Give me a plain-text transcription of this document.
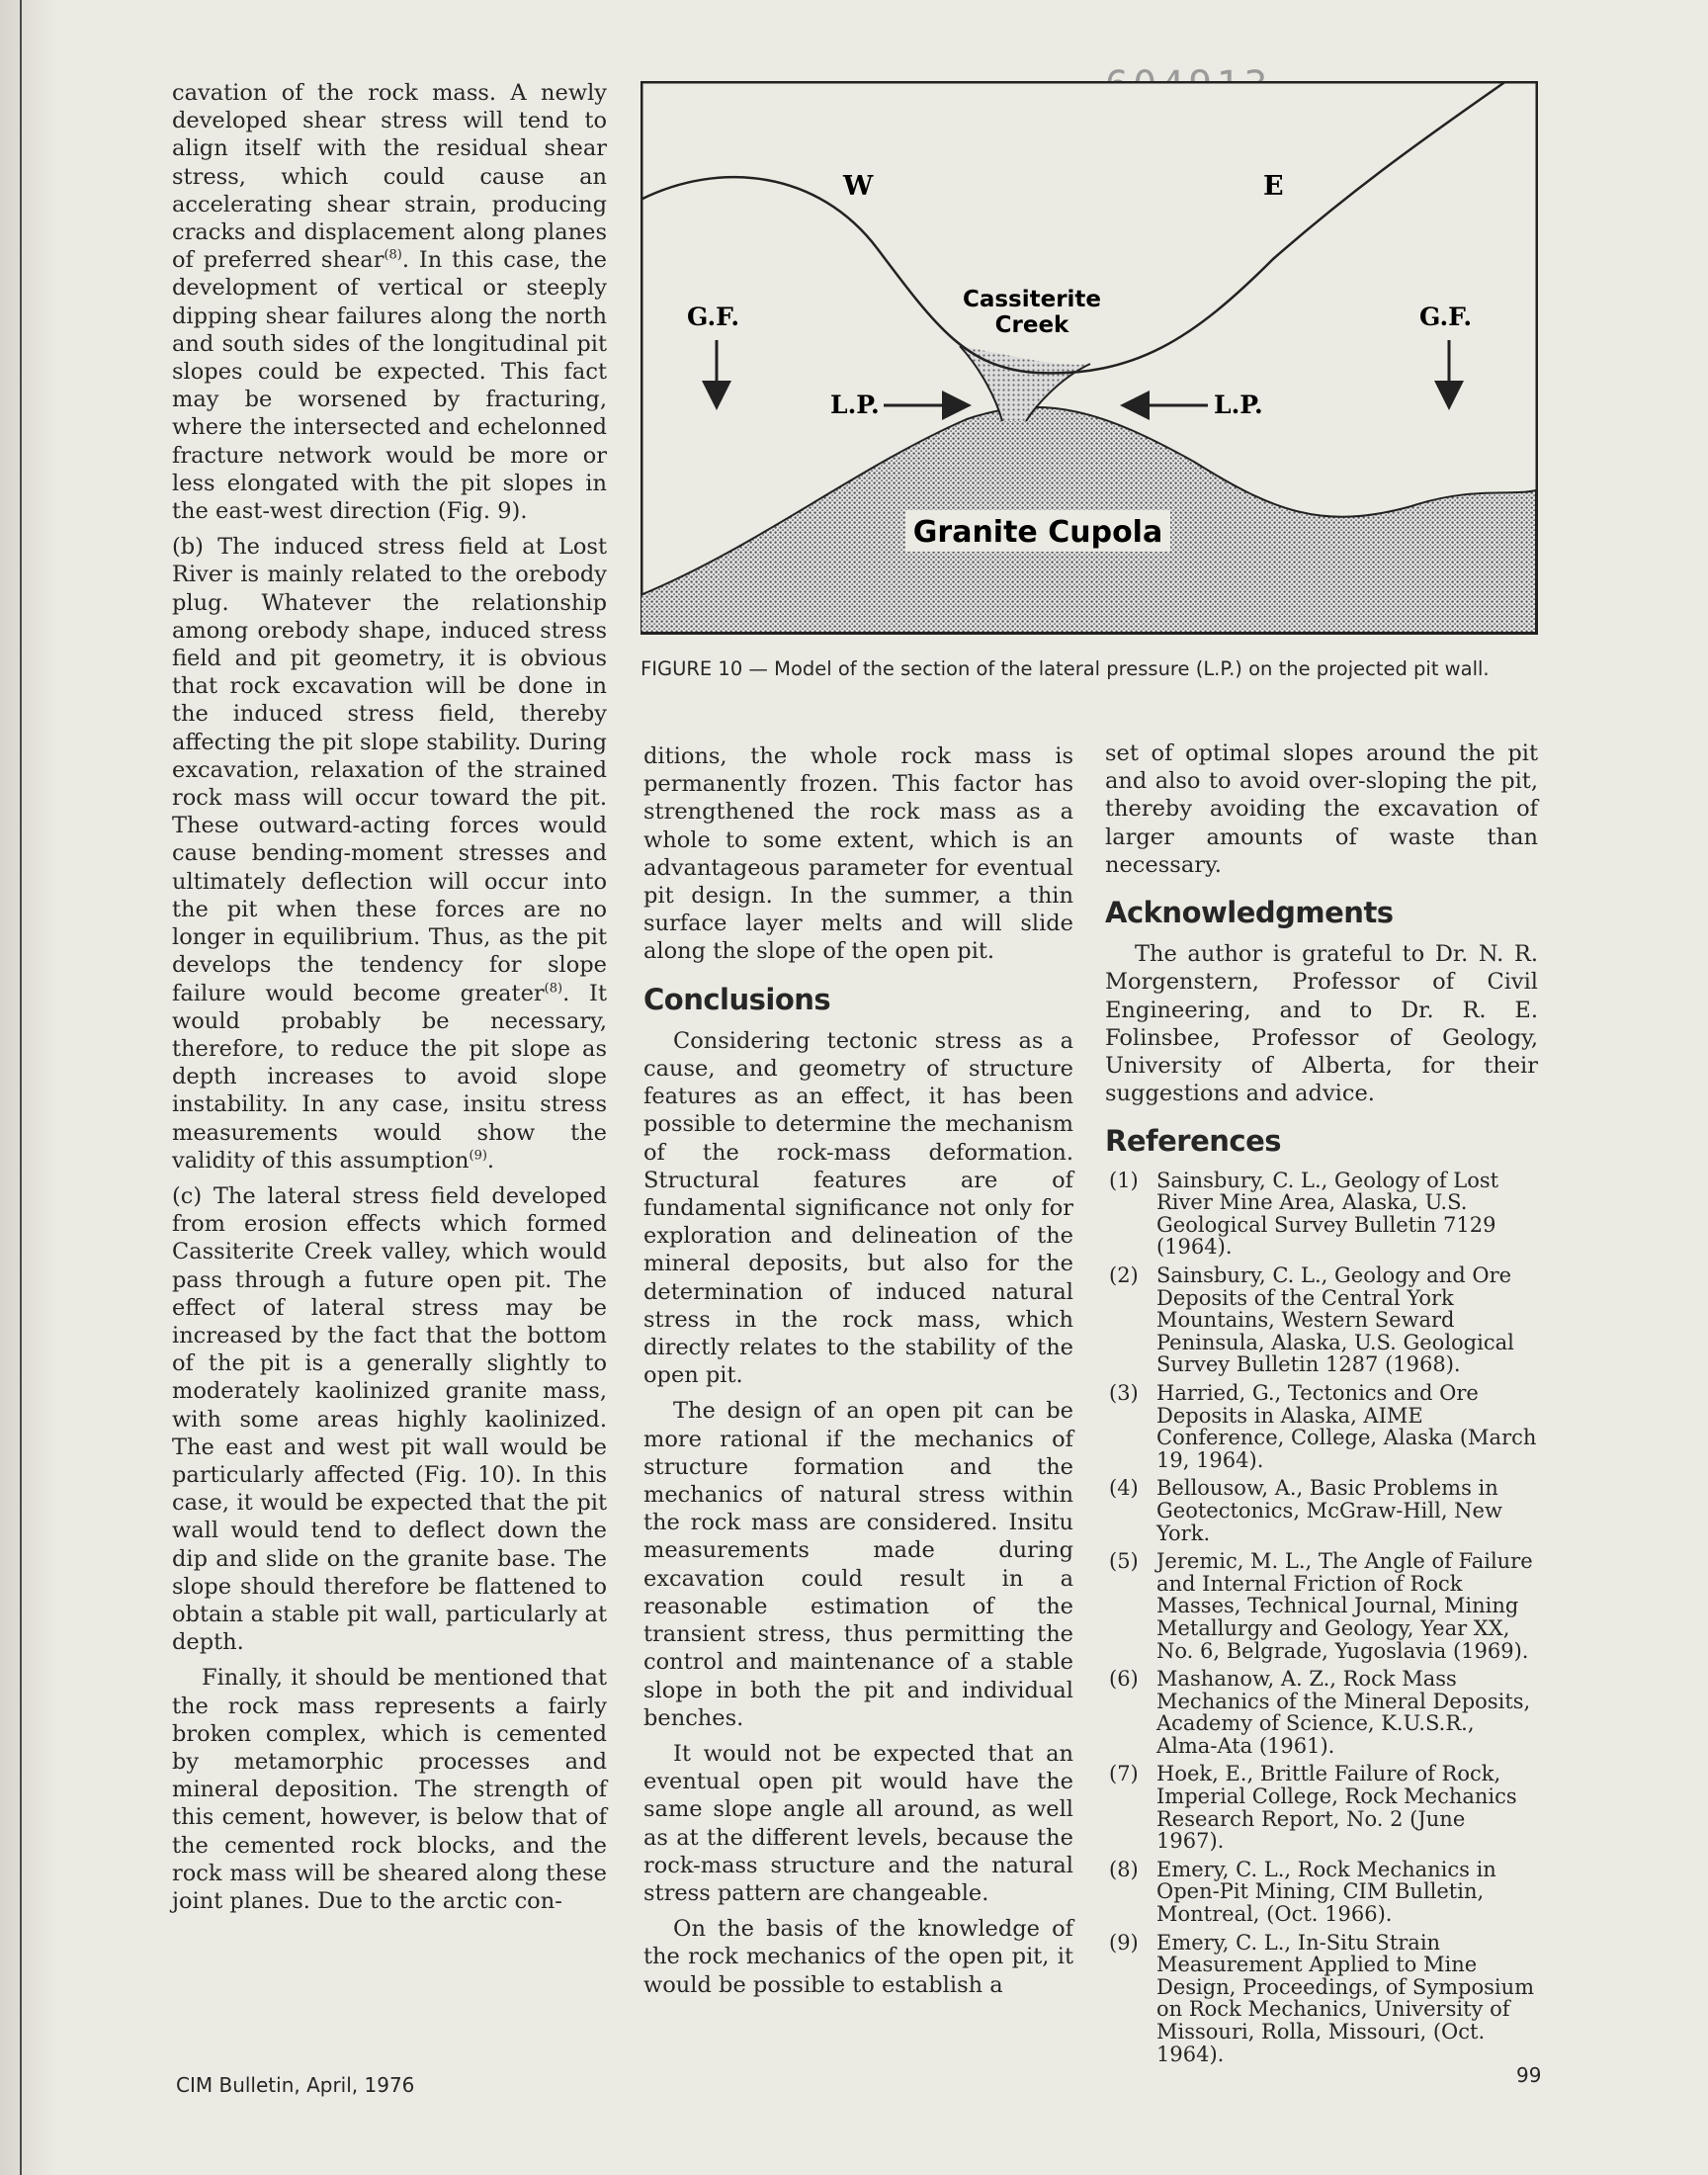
cavation of the rock mass. A newly developed shear stress will tend to align itself with the residual shear stress, which could cause an accelerating shear strain, producing cracks and displacement along planes of preferred shear$^{(8)}$. In this case, the development of vertical or steeply dipping shear failures along the north and south sides of the longitudinal pit slopes could be expected. This fact may be worsened by fracturing, where the intersected and echelonned fracture network would be more or less elongated with the pit slopes in the east-west direction (Fig. 9).

(b) The induced stress field at Lost River is mainly related to the orebody plug. Whatever the relationship among orebody shape, induced stress field and pit geometry, it is obvious that rock excavation will be done in the induced stress field, thereby affecting the pit slope stability. During excavation, relaxation of the strained rock mass will occur toward the pit. These outward-acting forces would cause bending-moment stresses and ultimately deflection will occur into the pit when these forces are no longer in equilibrium. Thus, as the pit develops the tendency for slope failure would become greater$^{(8)}$. It would probably be necessary, therefore, to reduce the pit slope as depth increases to avoid slope instability. In any case, insitu stress measurements would show the validity of this assumption$^{(9)}$.

(c) The lateral stress field developed from erosion effects which formed Cassiterite Creek valley, which would pass through a future open pit. The effect of lateral stress may be increased by the fact that the bottom of the pit is a generally slightly to moderately kaolinized granite mass, with some areas highly kaolinized. The east and west pit wall would be particularly affected (Fig. 10). In this case, it would be expected that the pit wall would tend to deflect down the dip and slide on the granite base. The slope should therefore be flattened to obtain a stable pit wall, particularly at depth.

Finally, it should be mentioned that the rock mass represents a fairly broken complex, which is cemented by metamorphic processes and mineral deposition. The strength of this cement, however, is below that of the cemented rock blocks, and the rock mass will be sheared along these joint planes. Due to the arctic con-

W	E
Cassiterite
Creek
G.F.	G.F.
L.P.	L.P.
Granite Cupola
FIGURE 10 — Model of the section of the lateral pressure (L.P.) on the projected pit wall.

ditions, the whole rock mass is permanently frozen. This factor has strengthened the rock mass as a whole to some extent, which is an advantageous parameter for eventual pit design. In the summer, a thin surface layer melts and will slide along the slope of the open pit.

Conclusions

Considering tectonic stress as a cause, and geometry of structure features as an effect, it has been possible to determine the mechanism of the rock-mass deformation. Structural features are of fundamental significance not only for exploration and delineation of the mineral deposits, but also for the determination of induced natural stress in the rock mass, which directly relates to the stability of the open pit.

The design of an open pit can be more rational if the mechanics of structure formation and the mechanics of natural stress within the rock mass are considered. Insitu measurements made during excavation could result in a reasonable estimation of the transient stress, thus permitting the control and maintenance of a stable slope in both the pit and individual benches.

It would not be expected that an eventual open pit would have the same slope angle all around, as well as at the different levels, because the rock-mass structure and the natural stress pattern are changeable.

On the basis of the knowledge of the rock mechanics of the open pit, it would be possible to establish a

set of optimal slopes around the pit and also to avoid over-sloping the pit, thereby avoiding the excavation of larger amounts of waste than necessary.

Acknowledgments

The author is grateful to Dr. N. R. Morgenstern, Professor of Civil Engineering, and to Dr. R. E. Folinsbee, Professor of Geology, University of Alberta, for their suggestions and advice.

References
(1) Sainsbury, C. L., Geology of Lost River Mine Area, Alaska, U.S. Geological Survey Bulletin 7129 (1964).
(2) Sainsbury, C. L., Geology and Ore Deposits of the Central York Mountains, Western Seward Peninsula, Alaska, U.S. Geological Survey Bulletin 1287 (1968).
(3) Harried, G., Tectonics and Ore Deposits in Alaska, AIME Conference, College, Alaska (March 19, 1964).
(4) Bellousow, A., Basic Problems in Geotectonics, McGraw-Hill, New York.
(5) Jeremic, M. L., The Angle of Failure and Internal Friction of Rock Masses, Technical Journal, Mining Metallurgy and Geology, Year XX, No. 6, Belgrade, Yugoslavia (1969).
(6) Mashanow, A. Z., Rock Mass Mechanics of the Mineral Deposits, Academy of Science, K.U.S.R., Alma-Ata (1961).
(7) Hoek, E., Brittle Failure of Rock, Imperial College, Rock Mechanics Research Report, No. 2 (June 1967).
(8) Emery, C. L., Rock Mechanics in Open-Pit Mining, CIM Bulletin, Montreal, (Oct. 1966).
(9) Emery, C. L., In-Situ Strain Measurement Applied to Mine Design, Proceedings, of Symposium on Rock Mechanics, University of Missouri, Rolla, Missouri, (Oct. 1964).
CIM Bulletin, April, 1976	99
